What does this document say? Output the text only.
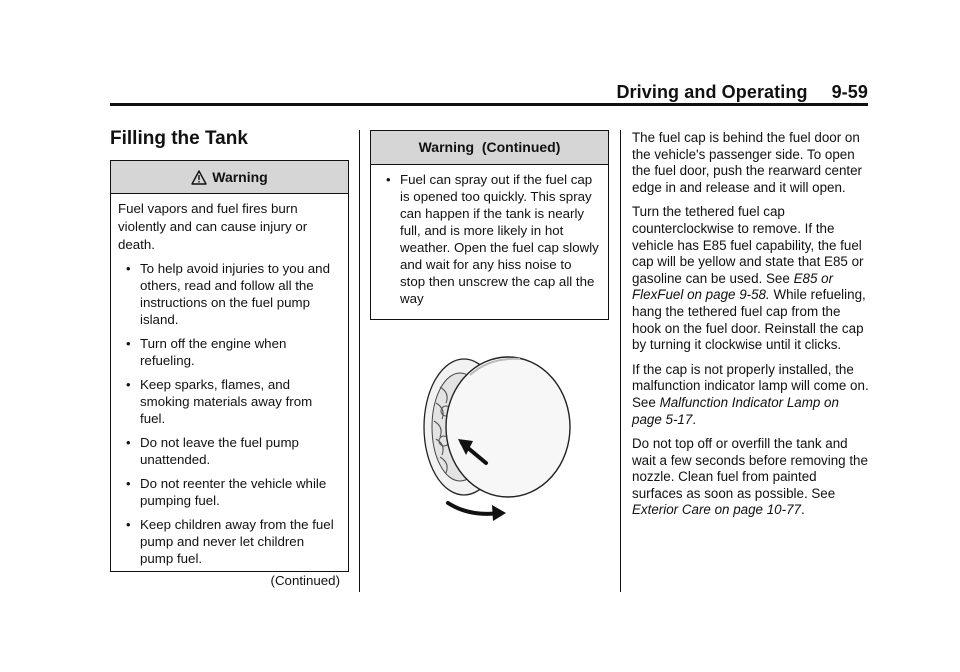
Driving and Operating 9-59
Filling the Tank
Warning

Fuel vapors and fuel fires burn violently and can cause injury or death.

• To help avoid injuries to you and others, read and follow all the instructions on the fuel pump island.
• Turn off the engine when refueling.
• Keep sparks, flames, and smoking materials away from fuel.
• Do not leave the fuel pump unattended.
• Do not reenter the vehicle while pumping fuel.
• Keep children away from the fuel pump and never let children pump fuel.
(Continued)
Warning  (Continued)
• Fuel can spray out if the fuel cap is opened too quickly. This spray can happen if the tank is nearly full, and is more likely in hot weather. Open the fuel cap slowly and wait for any hiss noise to stop then unscrew the cap all the way

The fuel cap is behind the fuel door on the vehicle's passenger side. To open the fuel door, push the rearward center edge in and release and it will open.

Turn the tethered fuel cap counterclockwise to remove. If the vehicle has E85 fuel capability, the fuel cap will be yellow and state that E85 or gasoline can be used. See E85 or FlexFuel on page 9-58. While refueling, hang the tethered fuel cap from the hook on the fuel door. Reinstall the cap by turning it clockwise until it clicks.

If the cap is not properly installed, the malfunction indicator lamp will come on. See Malfunction Indicator Lamp on page 5-17.

Do not top off or overfill the tank and wait a few seconds before removing the nozzle. Clean fuel from painted surfaces as soon as possible. See Exterior Care on page 10-77.
